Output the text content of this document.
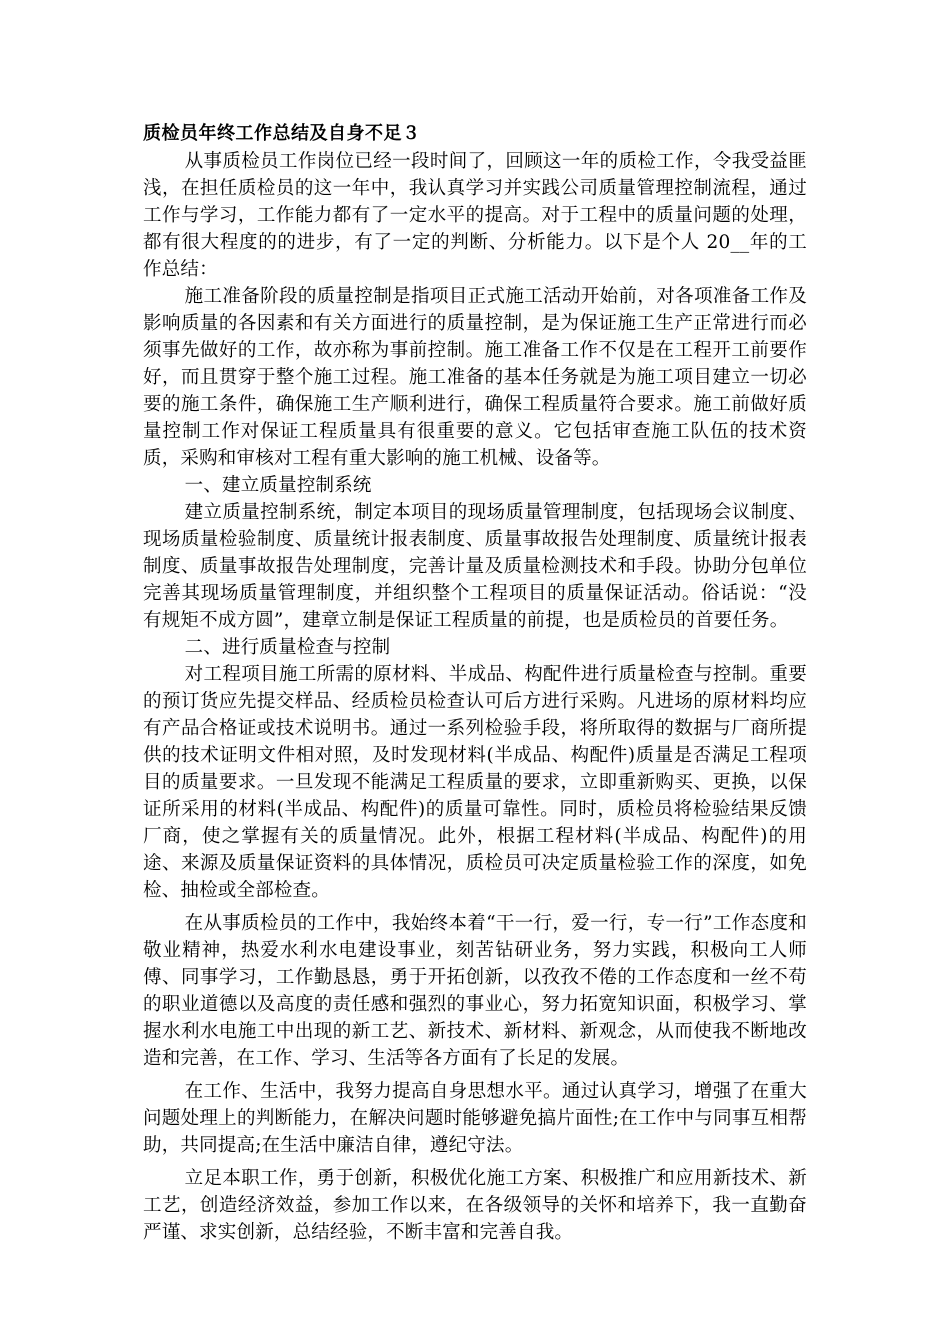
质检员年终工作总结及自身不足３

从事质检员工作岗位已经一段时间了，回顾这一年的质检工作，令我受益匪浅，在担任质检员的这一年中，我认真学习并实践公司质量管理控制流程，通过工作与学习，工作能力都有了一定水平的提高。对于工程中的质量问题的处理，都有很大程度的的进步，有了一定的判断、分析能力。以下是个人 20__年的工作总结：

施工准备阶段的质量控制是指项目正式施工活动开始前，对各项准备工作及影响质量的各因素和有关方面进行的质量控制，是为保证施工生产正常进行而必须事先做好的工作，故亦称为事前控制。施工准备工作不仅是在工程开工前要作好，而且贯穿于整个施工过程。施工准备的基本任务就是为施工项目建立一切必要的施工条件，确保施工生产顺利进行，确保工程质量符合要求。施工前做好质量控制工作对保证工程质量具有很重要的意义。它包括审查施工队伍的技术资质，采购和审核对工程有重大影响的施工机械、设备等。

一、建立质量控制系统

建立质量控制系统，制定本项目的现场质量管理制度，包括现场会议制度、现场质量检验制度、质量统计报表制度、质量事故报告处理制度、质量统计报表制度、质量事故报告处理制度，完善计量及质量检测技术和手段。协助分包单位完善其现场质量管理制度，并组织整个工程项目的质量保证活动。俗话说：“没有规矩不成方圆”，建章立制是保证工程质量的前提，也是质检员的首要任务。

二、进行质量检查与控制

对工程项目施工所需的原材料、半成品、构配件进行质量检查与控制。重要的预订货应先提交样品、经质检员检查认可后方进行采购。凡进场的原材料均应有产品合格证或技术说明书。通过一系列检验手段，将所取得的数据与厂商所提供的技术证明文件相对照，及时发现材料(半成品、构配件)质量是否满足工程项目的质量要求。一旦发现不能满足工程质量的要求，立即重新购买、更换，以保证所采用的材料(半成品、构配件)的质量可靠性。同时，质检员将检验结果反馈厂商，使之掌握有关的质量情况。此外，根据工程材料(半成品、构配件)的用途、来源及质量保证资料的具体情况，质检员可决定质量检验工作的深度，如免检、抽检或全部检查。

在从事质检员的工作中，我始终本着“干一行，爱一行，专一行”工作态度和敬业精神，热爱水利水电建设事业，刻苦钻研业务，努力实践，积极向工人师傅、同事学习，工作勤恳恳，勇于开拓创新，以孜孜不倦的工作态度和一丝不苟的职业道德以及高度的责任感和强烈的事业心，努力拓宽知识面，积极学习、掌握水利水电施工中出现的新工艺、新技术、新材料、新观念，从而使我不断地改造和完善，在工作、学习、生活等各方面有了长足的发展。

在工作、生活中，我努力提高自身思想水平。通过认真学习，增强了在重大问题处理上的判断能力，在解决问题时能够避免搞片面性;在工作中与同事互相帮助，共同提高;在生活中廉洁自律，遵纪守法。

立足本职工作，勇于创新，积极优化施工方案、积极推广和应用新技术、新工艺，创造经济效益，参加工作以来，在各级领导的关怀和培养下，我一直勤奋严谨、求实创新，总结经验，不断丰富和完善自我。
